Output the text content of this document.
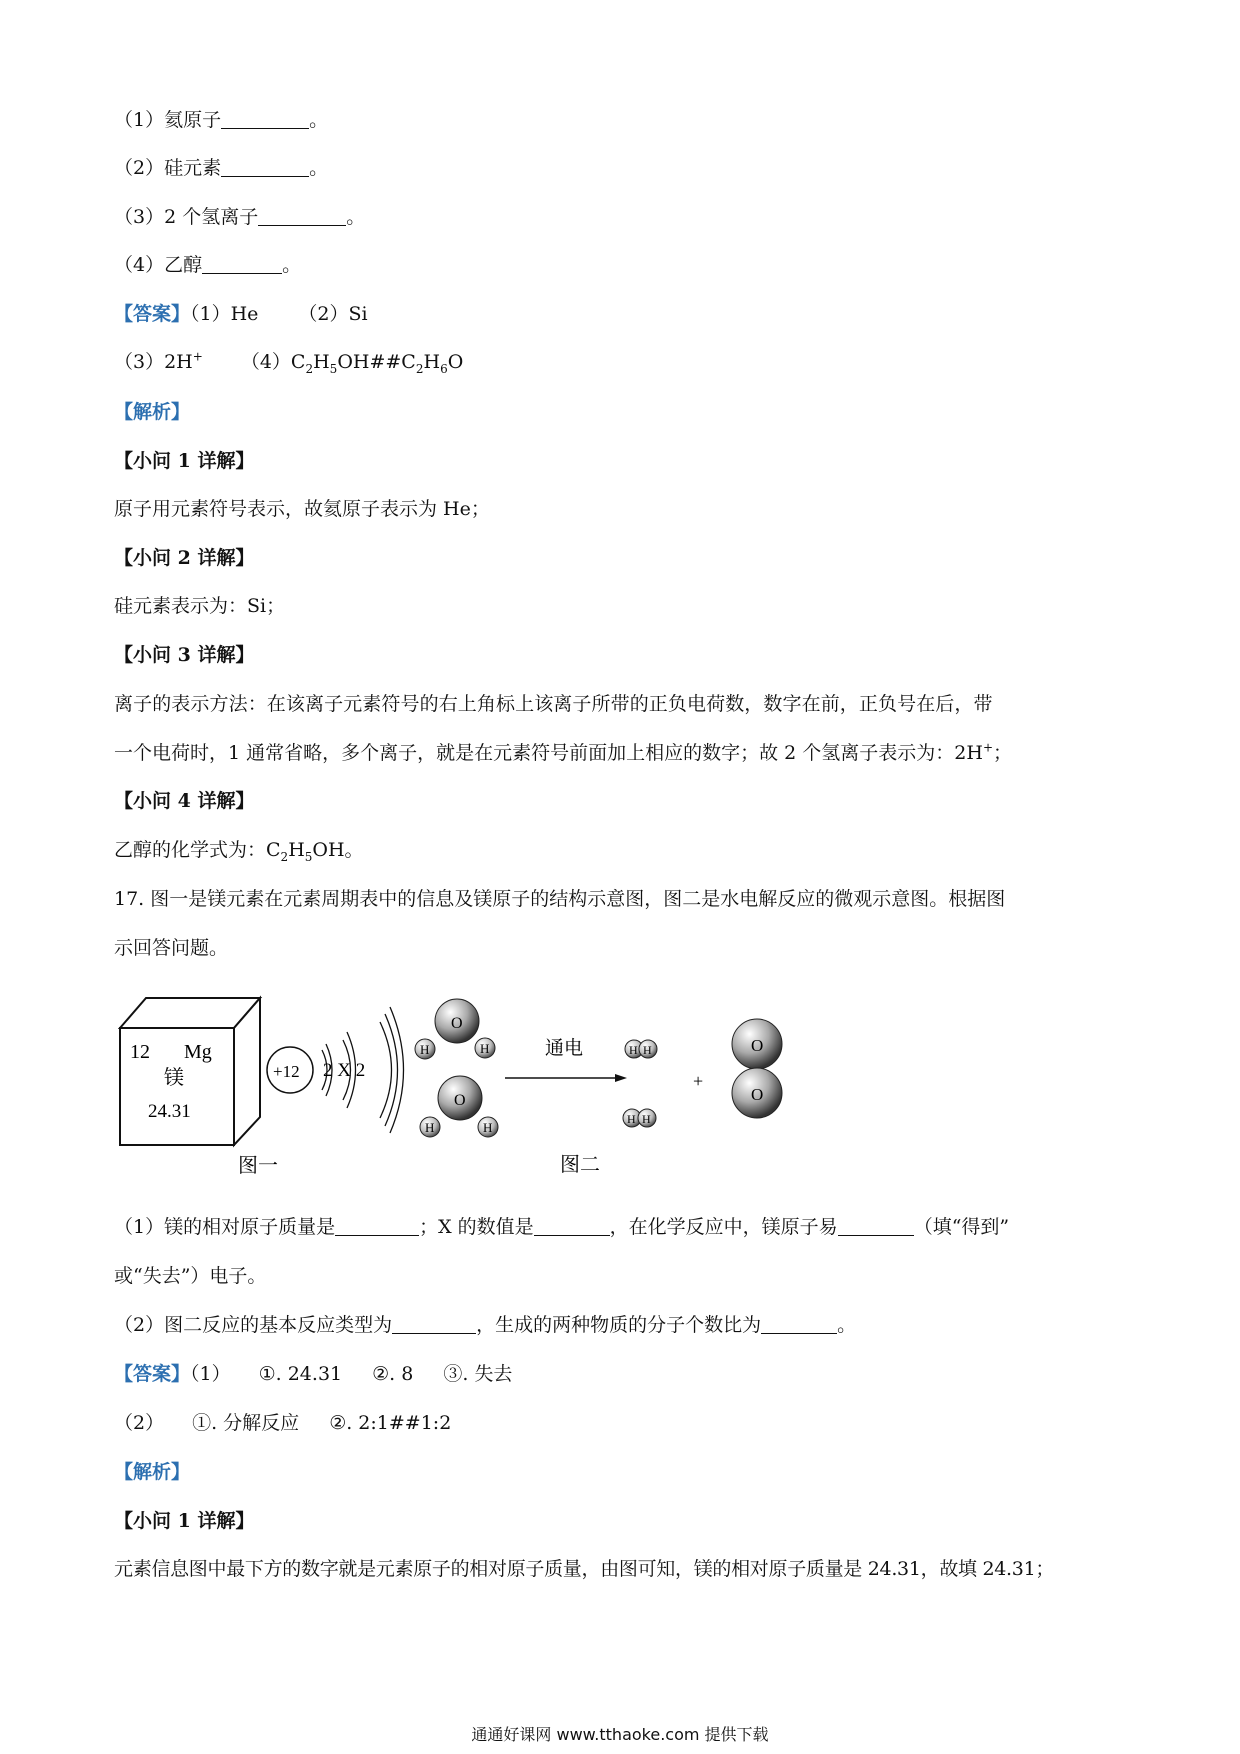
（1）氦原子	。
（2）硅元素	。
（3）2 个氢离子	。
（4）乙醇	。
【答案】（1）He （2）Si
（3）2H+ $(4)C_2H_5OH\#\#C_2H_6O$
【解析】
【小问 1 详解】
原子用元素符号表示，故氦原子表示为 He；
【小问 2 详解】
硅元素表示为：Si；
【小问 3 详解】
离子的表示方法：在该离子元素符号的右上角标上该离子所带的正负电荷数，数字在前，正负号在后，带
一个电荷时，1 通常省略，多个离子，就是在元素符号前面加上相应的数字；故 2 个氢离子表示为：2H+；
【小问 4 详解】
乙醇的化学式为：$C_2H_5OH$。
17. 图一是镁元素在元素周期表中的信息及镁原子的结构示意图，图二是水电解反应的微观示意图。根据图
示回答问题。
12 Mg
镁
24.31
+12 2 X 2
图一
O
H	H
O
H	H
通电	H H
H H
+
O
O
图二
（1）镁的相对原子质量是	；X 的数值是	，在化学反应中，镁原子易	（填“得到”
或“失去”）电子。
（2）图二反应的基本反应类型为	，生成的两种物质的分子个数比为	。
【答案】（1） ①. 24.31 ②. 8 ③. 失去
（2） ①. 分解反应 ②. 2:1##1:2
【解析】
【小问 1 详解】
元素信息图中最下方的数字就是元素原子的相对原子质量，由图可知，镁的相对原子质量是 24.31，故填 24.31；
通通好课网 www.tthaoke.com 提供下载
